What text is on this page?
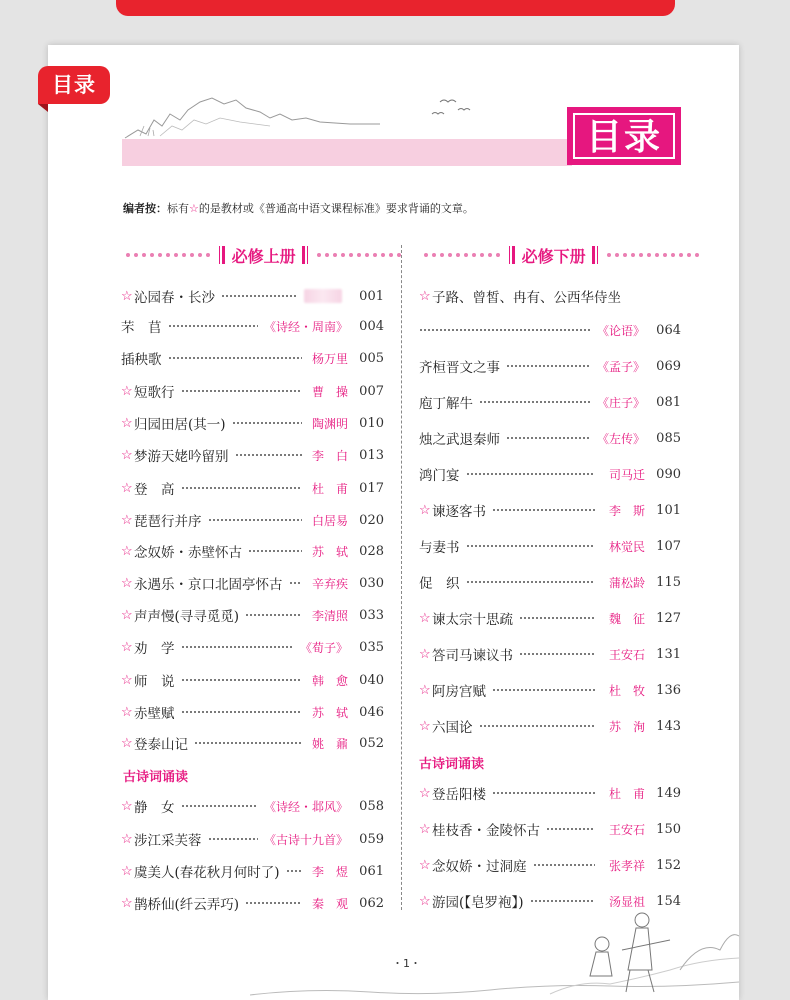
目录
目录
编者按：标有☆的是教材或《普通高中语文课程标准》要求背诵的文章。

必修上册

	必修下册

☆ 沁园春・长沙	001
芣　苢	《诗经・周南》 004
插秧歌	杨万里 005
☆ 短歌行	曹　操 007
☆ 归园田居(其一)	陶渊明 010
☆ 梦游天姥吟留别	李　白 013
☆ 登　高	杜　甫 017
☆ 琵琶行并序	白居易 020
☆ 念奴娇・赤壁怀古	苏　轼 028
☆ 永遇乐・京口北固亭怀古	辛弃疾 030
☆ 声声慢(寻寻觅觅)	李清照 033
☆ 劝　学	《荀子》 035
☆ 师　说	韩　愈 040
☆ 赤壁赋	苏　轼 046
☆ 登泰山记	姚　鼐 052
☆ 静　女	《诗经・邶风》 058
☆ 涉江采芙蓉	《古诗十九首》 059
☆ 虞美人(春花秋月何时了)	李　煜 061
☆ 鹊桥仙(纤云弄巧)	秦　观 062
☆ 子路、曾皙、冉有、公西华侍坐
《论语》 064
齐桓晋文之事	《孟子》 069
庖丁解牛	《庄子》 081
烛之武退秦师	《左传》 085
鸿门宴	司马迁 090
☆ 谏逐客书	李　斯 101
与妻书	林觉民 107
促　织	蒲松龄 115
☆ 谏太宗十思疏	魏　征 127
☆ 答司马谏议书	王安石 131
☆ 阿房宫赋	杜　牧 136
☆ 六国论	苏　洵 143
☆ 登岳阳楼	杜　甫 149
☆ 桂枝香・金陵怀古	王安石 150
☆ 念奴娇・过洞庭	张孝祥 152
☆ 游园(【皂罗袍】)	汤显祖 154
古诗词诵读
古诗词诵读
・1・
